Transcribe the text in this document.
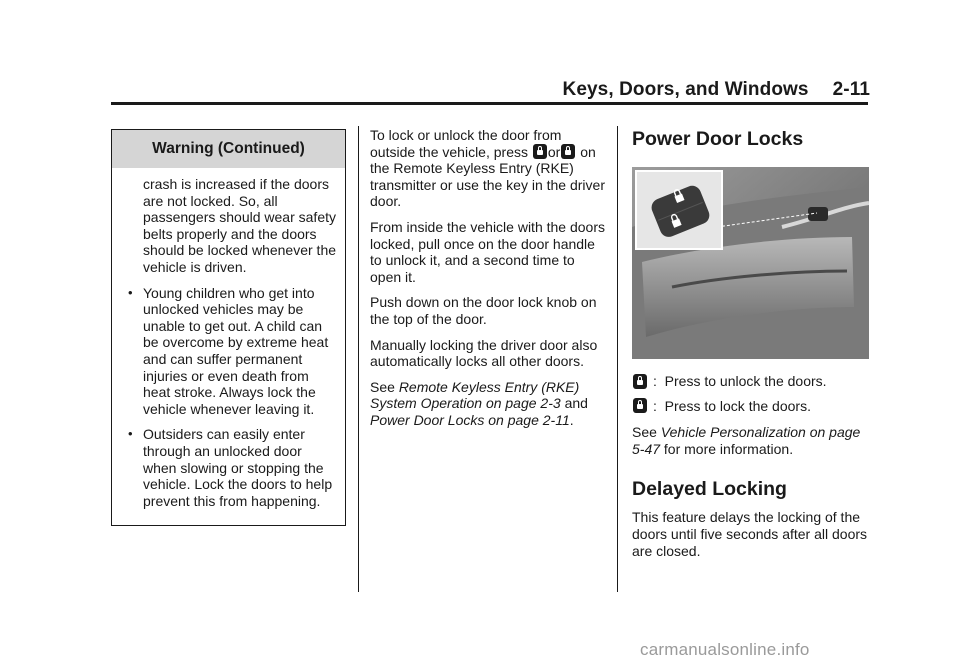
Keys, Doors, and Windows 2-11
Warning (Continued)

crash is increased if the doors are not locked. So, all passengers should wear safety belts properly and the doors should be locked whenever the vehicle is driven.

• Young children who get into unlocked vehicles may be unable to get out. A child can be overcome by extreme heat and can suffer permanent injuries or even death from heat stroke. Always lock the vehicle whenever leaving it.
• Outsiders can easily enter through an unlocked door when slowing or stopping the vehicle. Lock the doors to help prevent this from happening.

To lock or unlock the door from outside the vehicle, press or on the Remote Keyless Entry (RKE) transmitter or use the key in the driver door.

From inside the vehicle with the doors locked, pull once on the door handle to unlock it, and a second time to open it.

Push down on the door lock knob on the top of the door.

Manually locking the driver door also automatically locks all other doors.

See Remote Keyless Entry (RKE) System Operation on page 2-3 and Power Door Locks on page 2-11.

Power Door Locks
:
Press to unlock the doors.
:
Press to lock the doors.

See Vehicle Personalization on page 5-47 for more information.

Delayed Locking

This feature delays the locking of the doors until five seconds after all doors are closed.

carmanualsonline.info
